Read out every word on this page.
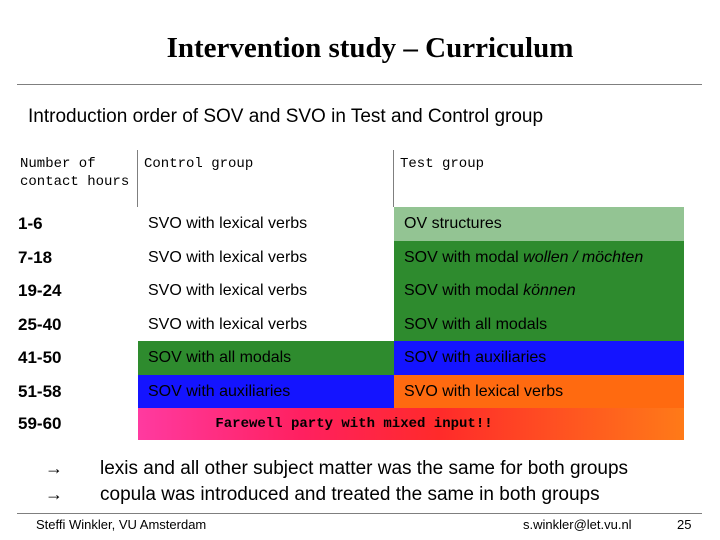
Intervention study – Curriculum
Introduction order of SOV and SVO in Test and Control group
Number of
contact hours
Control group	Test group
1-6	SVO with lexical verbs	OV structures
7-18	SVO with lexical verbs	SOV with modal wollen / möchten
19-24	SVO with lexical verbs	SOV with modal können
25-40	SVO with lexical verbs	SOV with all modals
41-50	SOV with all modals	SOV with auxiliaries
51-58	SOV with auxiliaries	SVO with lexical verbs
59-60	Farewell party with mixed input!!
→ lexis and all other subject matter was the same for both groups
→ copula was introduced and treated the same in both groups
Steffi Winkler, VU Amsterdam	s.winkler@let.vu.nl	25
